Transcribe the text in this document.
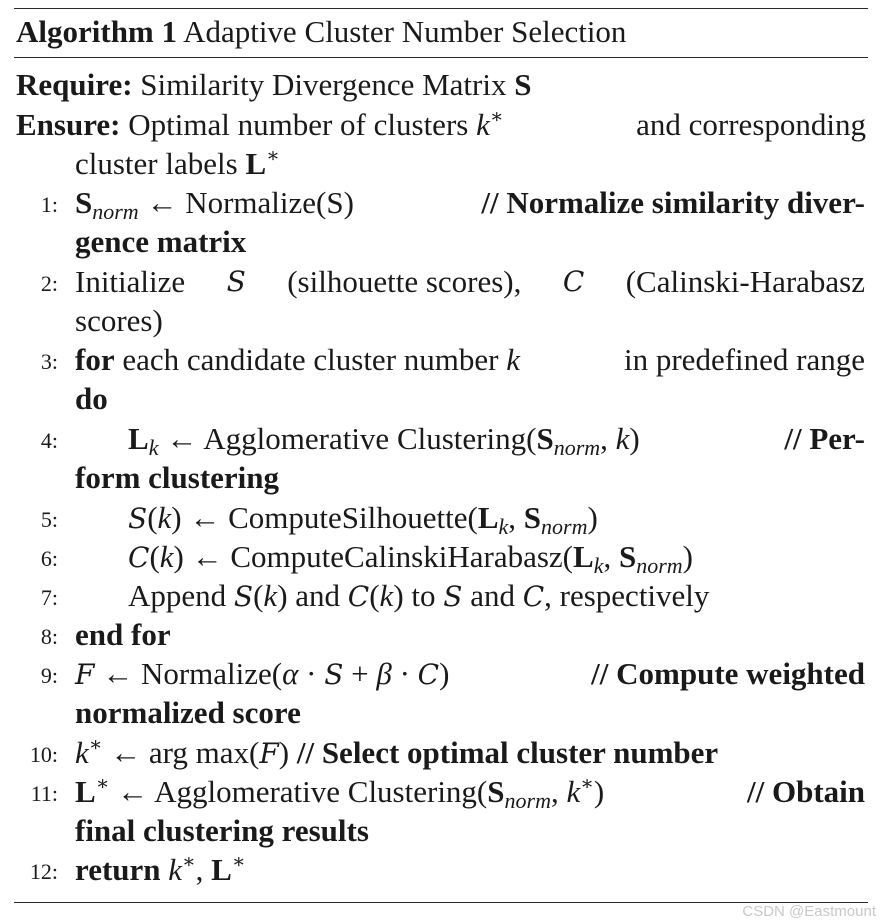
Algorithm 1 Adaptive Cluster Number Selection
Require: Similarity Divergence Matrix S
Ensure: Optimal number of clusters k∗	and corresponding
cluster labels L∗
1: Snorm ← Normalize(S)	// Normalize similarity diver-
gence matrix
2: Initialize S (silhouette scores), C (Calinski-Harabasz
scores)
3: for each candidate cluster number k	in predefined range
do
4: Lk ← Agglomerative Clustering(Snorm, k)	// Per-
form clustering
5:	S(k) ← ComputeSilhouette(Lk, Snorm)
6:	C(k) ← ComputeCalinskiHarabasz(Lk, Snorm)
7: Append S(k) and C(k) to S and C, respectively
8: end for
9: F ← Normalize(α · S + β · C)	// Compute weighted
normalized score
10: k∗ ← arg max(F) // Select optimal cluster number
11: L∗ ← Agglomerative Clustering(Snorm, k∗)	// Obtain
final clustering results
12: return k∗, L∗
CSDN @Eastmount
